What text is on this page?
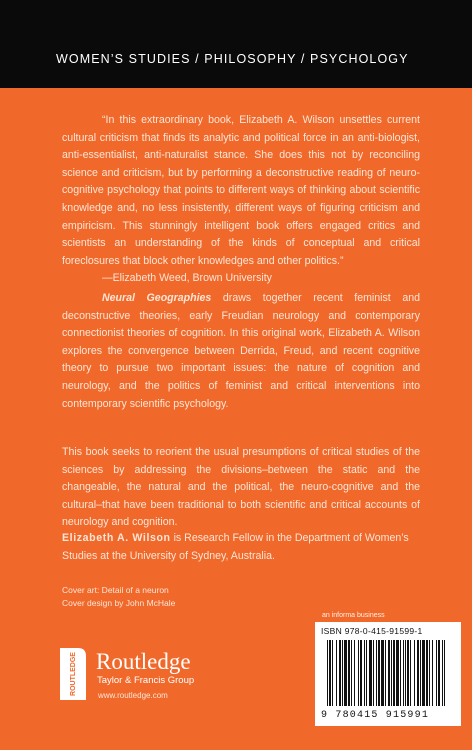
WOMEN’S STUDIES / PHILOSOPHY / PSYCHOLOGY

“In this extraordinary book, Elizabeth A. Wilson unsettles current cultural criticism that finds its analytic and political force in an anti-biologist, anti-essentialist, anti-naturalist stance. She does this not by reconciling science and criticism, but by performing a deconstructive reading of neuro-cognitive psychology that points to different ways of thinking about scientific knowledge and, no less insistently, different ways of figuring criticism and empiricism. This stunningly intelligent book offers engaged critics and scientists an understanding of the kinds of conceptual and critical foreclosures that block other knowledges and other politics.”

—Elizabeth Weed, Brown University

Neural Geographies draws together recent feminist and deconstructive theories, early Freudian neurology and contemporary connectionist theories of cognition. In this original work, Elizabeth A. Wilson explores the convergence between Derrida, Freud, and recent cognitive theory to pursue two important issues: the nature of cognition and neurology, and the politics of feminist and critical interventions into contemporary scientific psychology.

This book seeks to reorient the usual presumptions of critical studies of the sciences by addressing the divisions–between the static and the changeable, the natural and the political, the neuro-cognitive and the cultural–that have been traditional to both scientific and critical accounts of neurology and cognition.

Elizabeth A. Wilson is Research Fellow in the Department of Women’s Studies at the University of Sydney, Australia.

Cover art: Detail of a neuron
Cover design by John McHale
an informa business
ISBN 978-0-415-91599-1
9 780415 915991
ROUTLEDGE Routledge
Taylor & Francis Group
www.routledge.com
